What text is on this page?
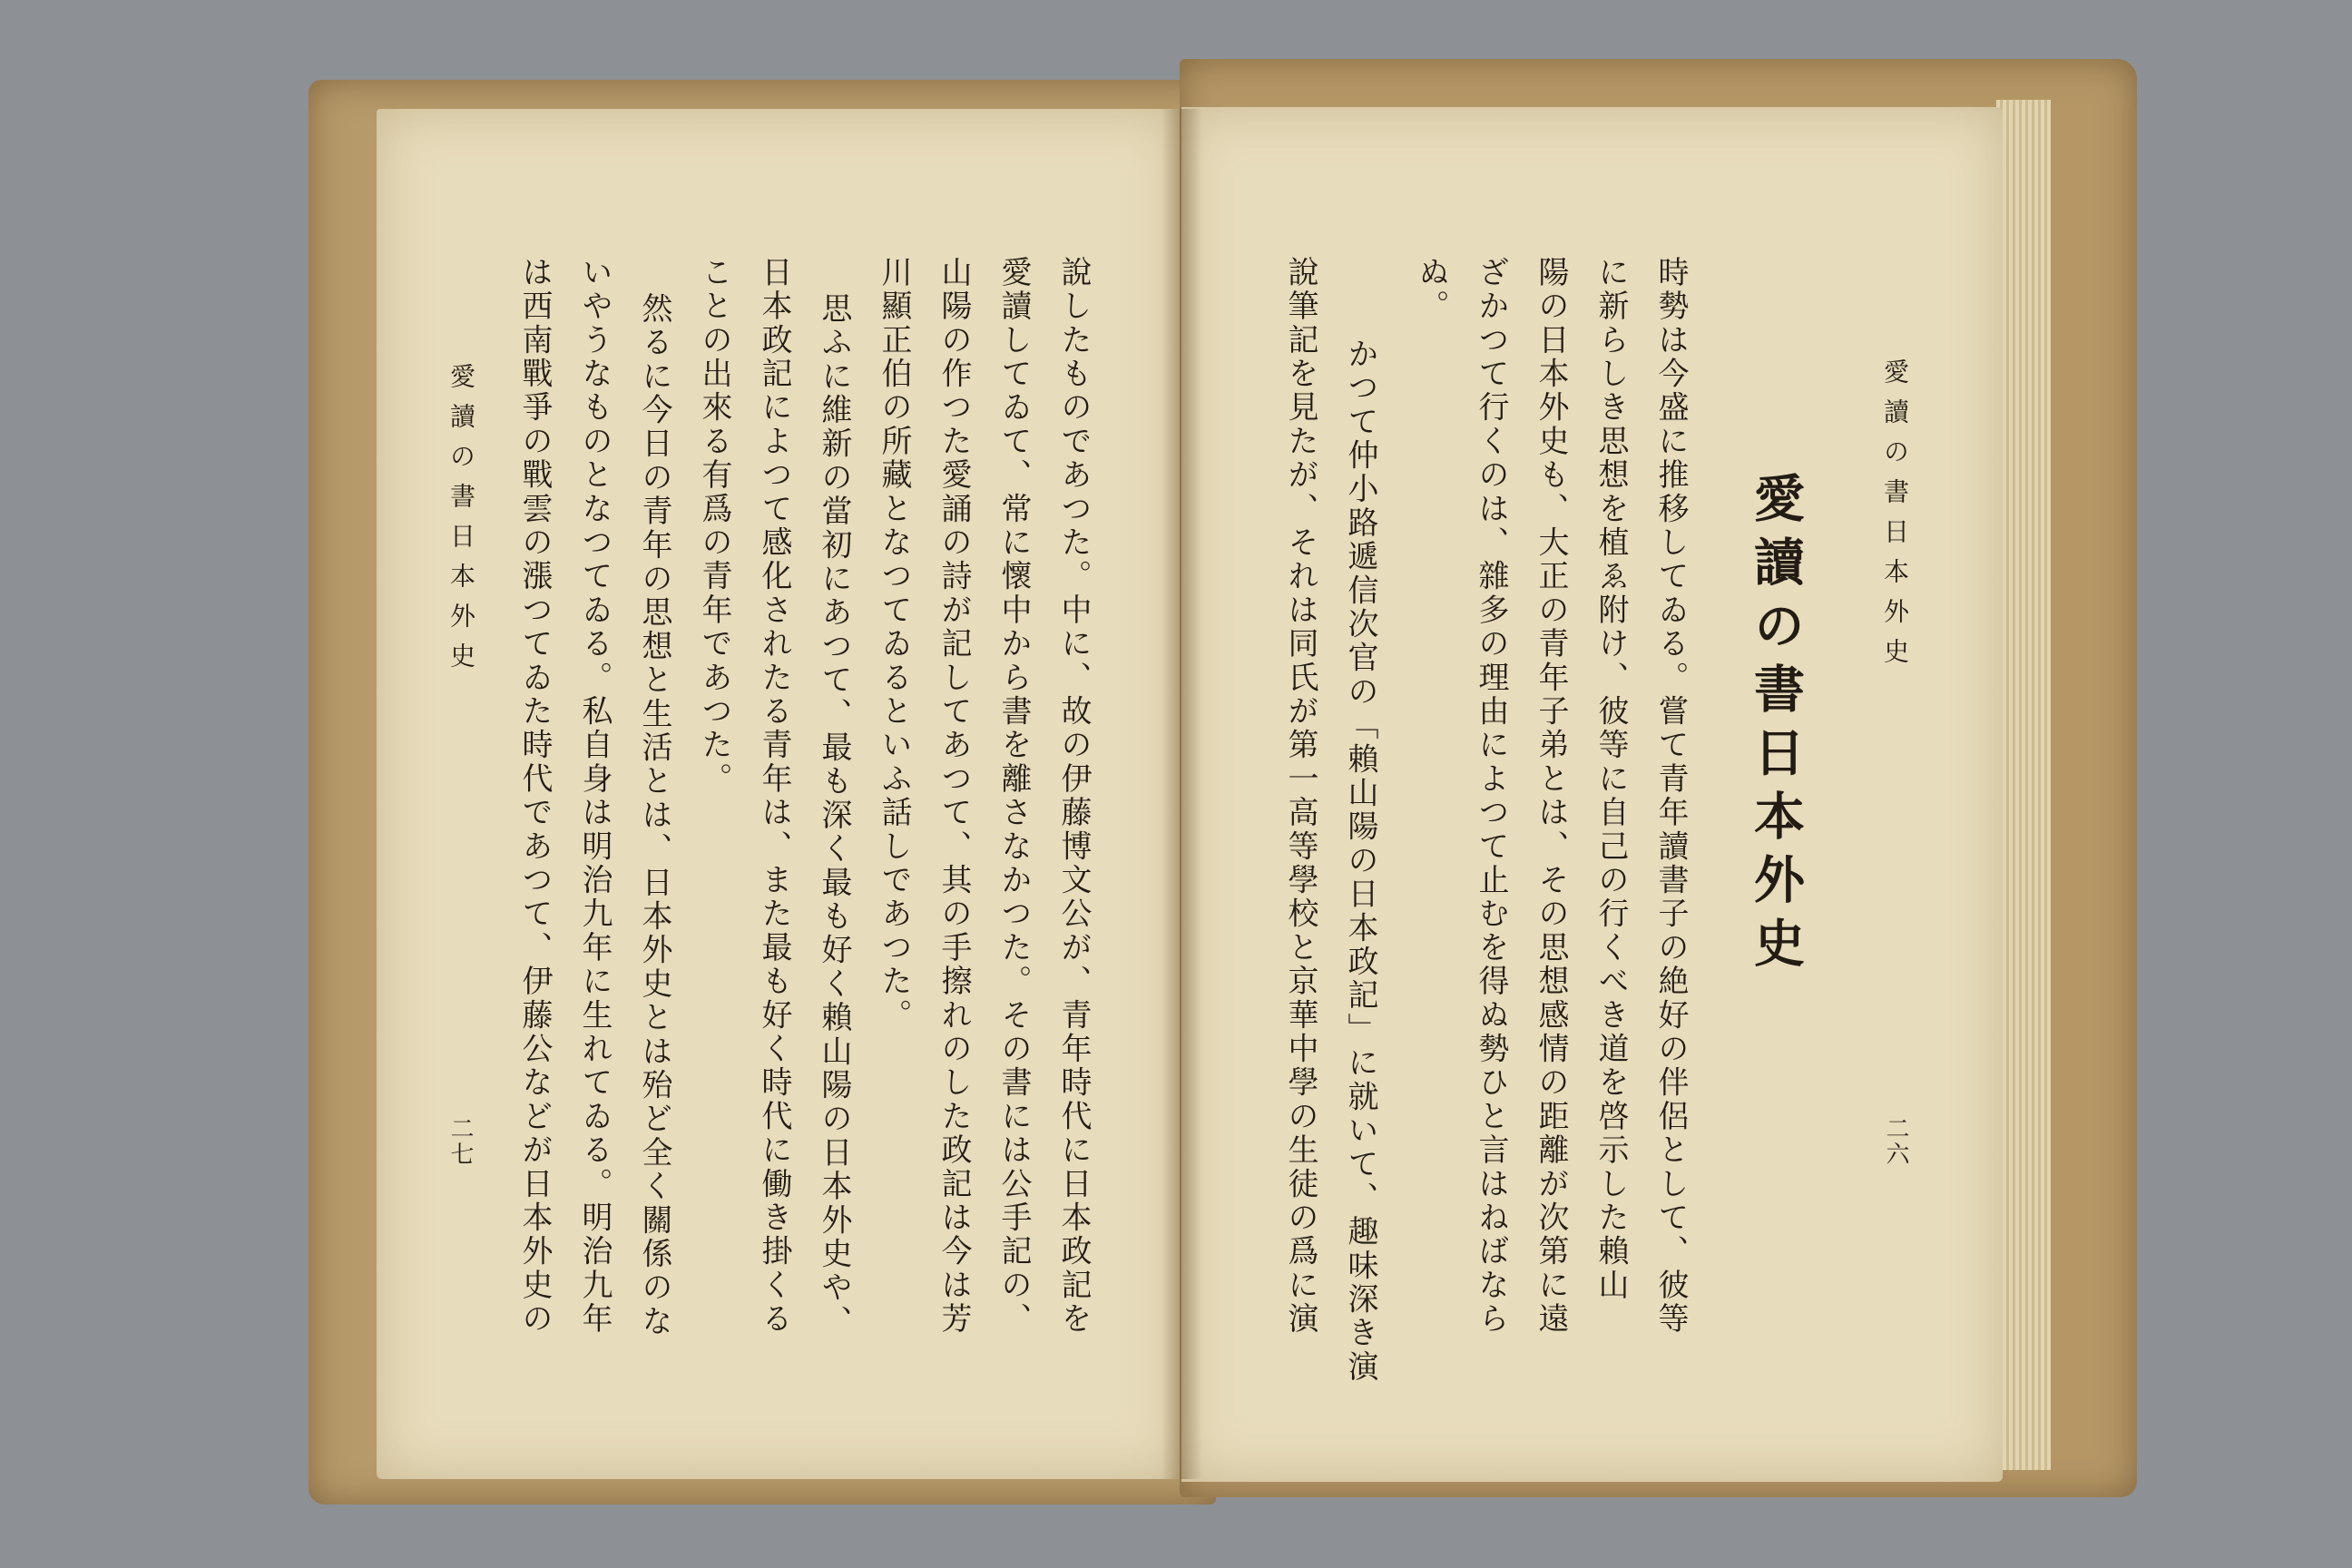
愛讀の書日本外史
二六
愛讀の書日本外史
時勢は今盛に推移してゐる。嘗て青年讀書子の絶好の伴侶として、彼等
に新らしき思想を植ゑ附け、彼等に自己の行くべき道を啓示した賴山
陽の日本外史も、大正の青年子弟とは、その思想感情の距離が次第に遠
ざかつて行くのは、雜多の理由によつて止むを得ぬ勢ひと言はねばなら
ぬ。
かつて仲小路遞信次官の「賴山陽の日本政記」に就いて、趣味深き演
說筆記を見たが、それは同氏が第一高等學校と京華中學の生徒の爲に演
說したものであつた。中に、故の伊藤博文公が、青年時代に日本政記を
愛讀してゐて、常に懷中から書を離さなかつた。その書には公手記の、
山陽の作つた愛誦の詩が記してあつて、其の手擦れのした政記は今は芳
川顯正伯の所藏となつてゐるといふ話しであつた。
思ふに維新の當初にあつて、最も深く最も好く賴山陽の日本外史や、
日本政記によつて感化されたる青年は、また最も好く時代に働き掛くる
ことの出來る有爲の青年であつた。
然るに今日の青年の思想と生活とは、日本外史とは殆ど全く關係のな
いやうなものとなつてゐる。私自身は明治九年に生れてゐる。明治九年
は西南戰爭の戰雲の漲つてゐた時代であつて、伊藤公などが日本外史の
愛讀の書日本外史
二七
